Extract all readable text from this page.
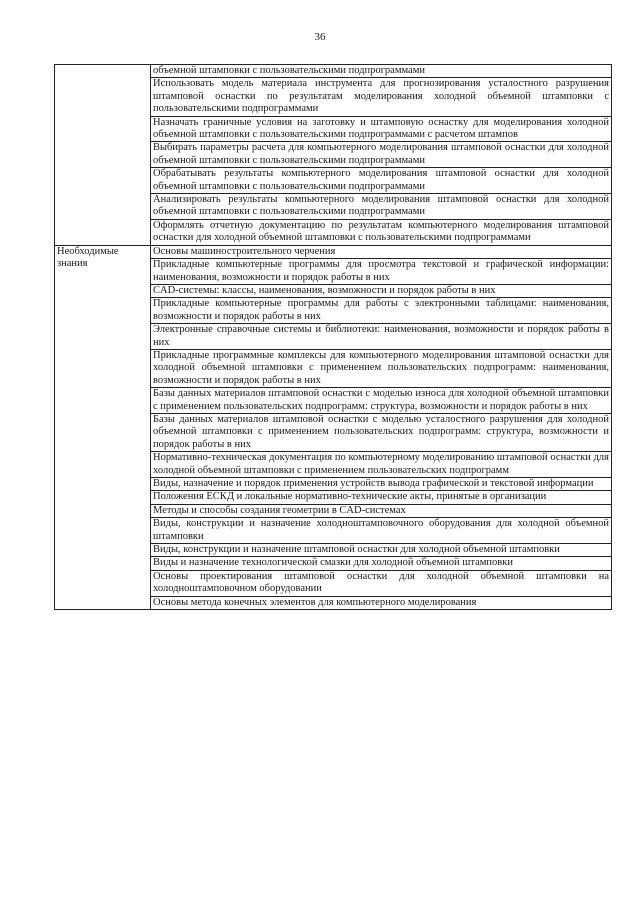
36
	объемной штамповки с пользовательскими подпрограммами
	Использовать модель материала инструмента для прогнозирования усталостного разрушения штамповой оснастки по результатам моделирования холодной объемной штамповки с пользовательскими подпрограммами
	Назначать граничные условия на заготовку и штамповую оснастку для моделирования холодной объемной штамповки с пользовательскими подпрограммами с расчетом штампов
	Выбирать параметры расчета для компьютерного моделирования штамповой оснастки для холодной объемной штамповки с пользовательскими подпрограммами
	Обрабатывать результаты компьютерного моделирования штамповой оснастки для холодной объемной штамповки с пользовательскими подпрограммами
	Анализировать результаты компьютерного моделирования штамповой оснастки для холодной объемной штамповки с пользовательскими подпрограммами
	Оформлять отчетную документацию по результатам компьютерного моделирования штамповой оснастки для холодной объемной штамповки с пользовательскими подпрограммами
Необходимые знания	Основы машиностроительного черчения
	Прикладные компьютерные программы для просмотра текстовой и графической информации: наименования, возможности и порядок работы в них
	CAD-системы: классы, наименования, возможности и порядок работы в них
	Прикладные компьютерные программы для работы с электронными таблицами: наименования, возможности и порядок работы в них
	Электронные справочные системы и библиотеки: наименования, возможности и порядок работы в них
	Прикладные программные комплексы для компьютерного моделирования штамповой оснастки для холодной объемной штамповки с применением пользовательских подпрограмм: наименования, возможности и порядок работы в них
	Базы данных материалов штамповой оснастки с моделью износа для холодной объемной штамповки с применением пользовательских подпрограмм: структура, возможности и порядок работы в них
	Базы данных материалов штамповой оснастки с моделью усталостного разрушения для холодной объемной штамповки с применением пользовательских подпрограмм: структура, возможности и порядок работы в них
	Нормативно-техническая документация по компьютерному моделированию штамповой оснастки для холодной объемной штамповки с применением пользовательских подпрограмм
	Виды, назначение и порядок применения устройств вывода графической и текстовой информации
	Положения ЕСКД и локальные нормативно-технические акты, принятые в организации
	Методы и способы создания геометрии в CAD-системах
	Виды, конструкции и назначение холодноштамповочного оборудования для холодной объемной штамповки
	Виды, конструкции и назначение штамповой оснастки для холодной объемной штамповки
	Виды и назначение технологической смазки для холодной объемной штамповки
	Основы проектирования штамповой оснастки для холодной объемной штамповки на холодноштамповочном оборудовании
	Основы метода конечных элементов для компьютерного моделирования
